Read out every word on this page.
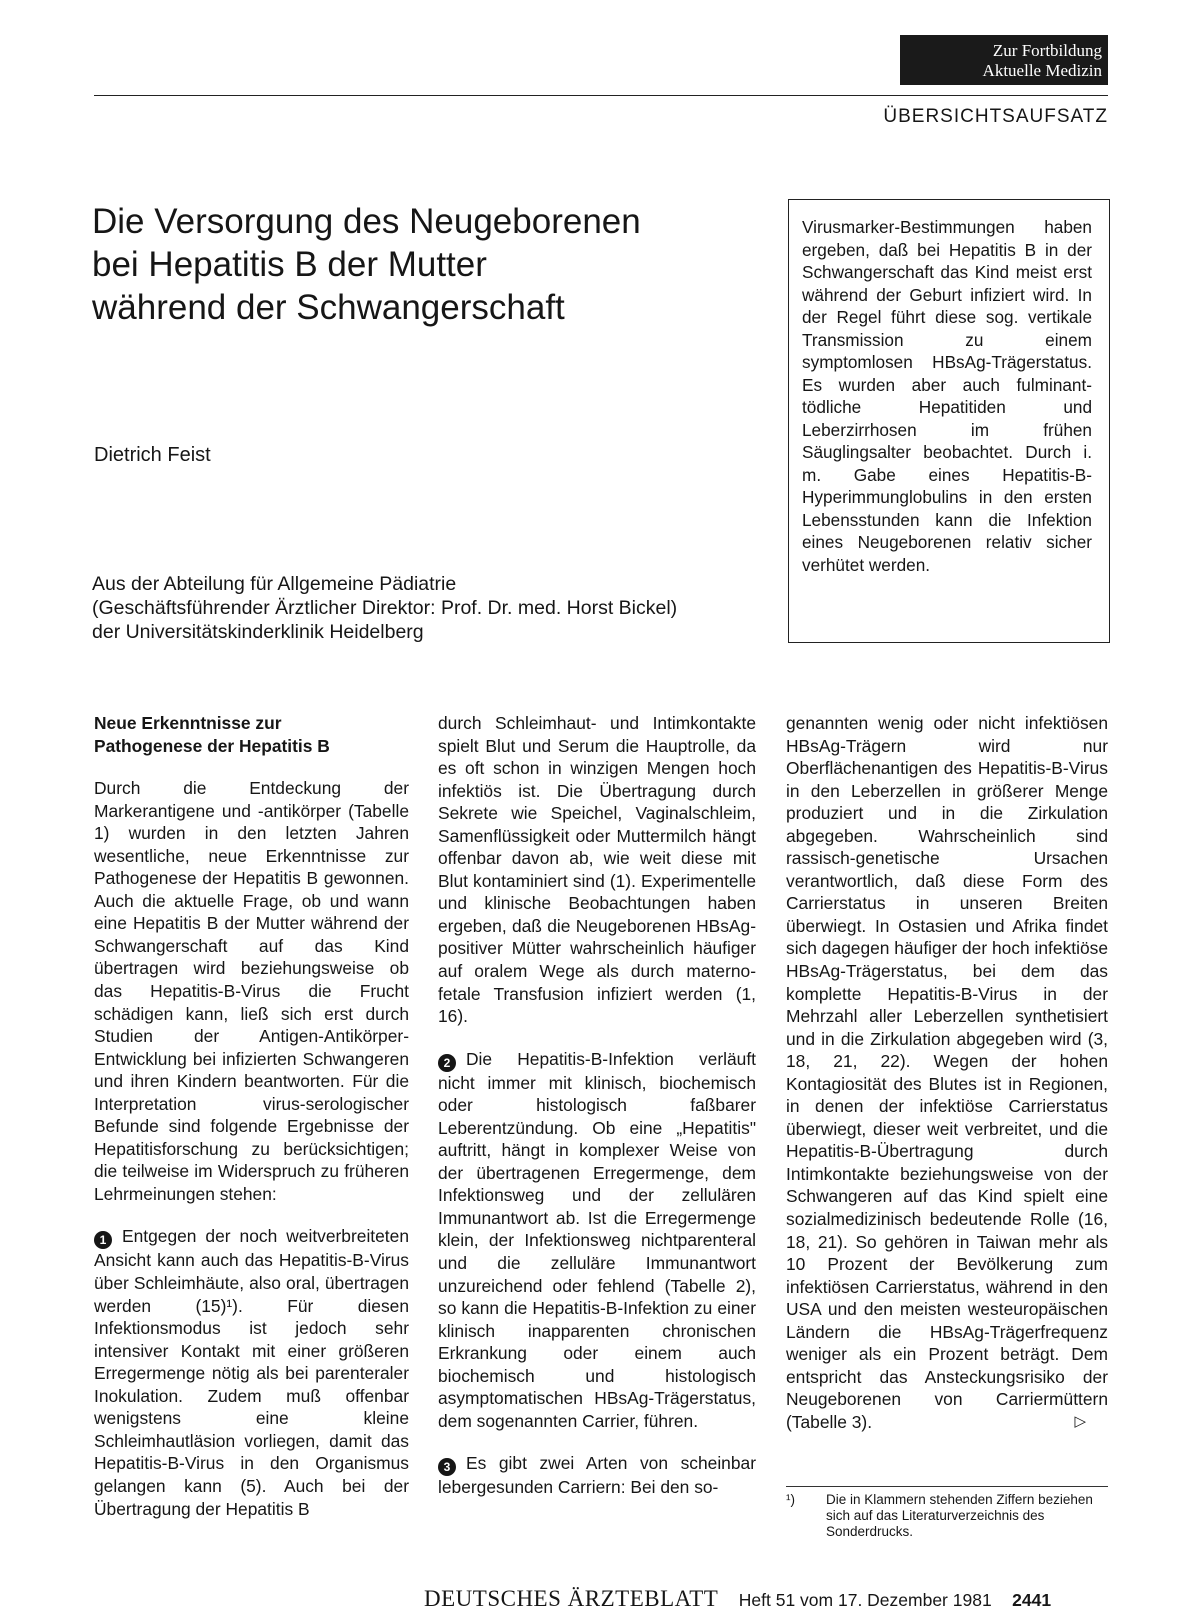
Zur Fortbildung
Aktuelle Medizin
ÜBERSICHTSAUFSATZ
Die Versorgung des Neugeborenen
bei Hepatitis B der Mutter
während der Schwangerschaft
Dietrich Feist
Aus der Abteilung für Allgemeine Pädiatrie
(Geschäftsführender Ärztlicher Direktor: Prof. Dr. med. Horst Bickel)
der Universitätskinderklinik Heidelberg
Virusmarker-Bestimmungen haben ergeben, daß bei Hepatitis B in der Schwangerschaft das Kind meist erst während der Geburt infiziert wird. In der Regel führt diese sog. vertikale Transmission zu einem symptomlosen HBsAg-Trägerstatus. Es wurden aber auch fulminant-tödliche Hepatitiden und Leberzirrhosen im frühen Säuglingsalter beobachtet. Durch i. m. Gabe eines Hepatitis-B-Hyperimmunglobulins in den ersten Lebensstunden kann die Infektion eines Neugeborenen relativ sicher verhütet werden.
Neue Erkenntnisse zur
Pathogenese der Hepatitis B

Durch die Entdeckung der Markerantigene und -antikörper (Tabelle 1) wurden in den letzten Jahren wesentliche, neue Erkenntnisse zur Pathogenese der Hepatitis B gewonnen. Auch die aktuelle Frage, ob und wann eine Hepatitis B der Mutter während der Schwangerschaft auf das Kind übertragen wird beziehungsweise ob das Hepatitis-B-Virus die Frucht schädigen kann, ließ sich erst durch Studien der Antigen-Antikörper-Entwicklung bei infizierten Schwangeren und ihren Kindern beantworten. Für die Interpretation virus-serologischer Befunde sind folgende Ergebnisse der Hepatitisforschung zu berücksichtigen; die teilweise im Widerspruch zu früheren Lehrmeinungen stehen:

1 Entgegen der noch weitverbreiteten Ansicht kann auch das Hepatitis-B-Virus über Schleimhäute, also oral, übertragen werden (15)¹). Für diesen Infektionsmodus ist jedoch sehr intensiver Kontakt mit einer größeren Erregermenge nötig als bei parenteraler Inokulation. Zudem muß offenbar wenigstens eine kleine Schleimhautläsion vorliegen, damit das Hepatitis-B-Virus in den Organismus gelangen kann (5). Auch bei der Übertragung der Hepatitis B

durch Schleimhaut- und Intimkontakte spielt Blut und Serum die Hauptrolle, da es oft schon in winzigen Mengen hoch infektiös ist. Die Übertragung durch Sekrete wie Speichel, Vaginalschleim, Samenflüssigkeit oder Muttermilch hängt offenbar davon ab, wie weit diese mit Blut kontaminiert sind (1). Experimentelle und klinische Beobachtungen haben ergeben, daß die Neugeborenen HBsAg-positiver Mütter wahrscheinlich häufiger auf oralem Wege als durch materno-fetale Transfusion infiziert werden (1, 16).

2 Die Hepatitis-B-Infektion verläuft nicht immer mit klinisch, biochemisch oder histologisch faßbarer Leberentzündung. Ob eine „Hepatitis" auftritt, hängt in komplexer Weise von der übertragenen Erregermenge, dem Infektionsweg und der zellulären Immunantwort ab. Ist die Erregermenge klein, der Infektionsweg nichtparenteral und die zelluläre Immunantwort unzureichend oder fehlend (Tabelle 2), so kann die Hepatitis-B-Infektion zu einer klinisch inapparenten chronischen Erkrankung oder einem auch biochemisch und histologisch asymptomatischen HBsAg-Trägerstatus, dem sogenannten Carrier, führen.

3 Es gibt zwei Arten von scheinbar lebergesunden Carriern: Bei den so-

genannten wenig oder nicht infektiösen HBsAg-Trägern wird nur Oberflächenantigen des Hepatitis-B-Virus in den Leberzellen in größerer Menge produziert und in die Zirkulation abgegeben. Wahrscheinlich sind rassisch-genetische Ursachen verantwortlich, daß diese Form des Carrierstatus in unseren Breiten überwiegt. In Ostasien und Afrika findet sich dagegen häufiger der hoch infektiöse HBsAg-Trägerstatus, bei dem das komplette Hepatitis-B-Virus in der Mehrzahl aller Leberzellen synthetisiert und in die Zirkulation abgegeben wird (3, 18, 21, 22). Wegen der hohen Kontagiosität des Blutes ist in Regionen, in denen der infektiöse Carrierstatus überwiegt, dieser weit verbreitet, und die Hepatitis-B-Übertragung durch Intimkontakte beziehungsweise von der Schwangeren auf das Kind spielt eine sozialmedizinisch bedeutende Rolle (16, 18, 21). So gehören in Taiwan mehr als 10 Prozent der Bevölkerung zum infektiösen Carrierstatus, während in den USA und den meisten westeuropäischen Ländern die HBsAg-Trägerfrequenz weniger als ein Prozent beträgt. Dem entspricht das Ansteckungsrisiko der Neugeborenen von Carriermüttern (Tabelle 3).	▷

¹)	Die in Klammern stehenden Ziffern beziehen sich auf das Literaturverzeichnis des Sonderdrucks.
DEUTSCHES ÄRZTEBLATT Heft 51 vom 17. Dezember 1981 2441
